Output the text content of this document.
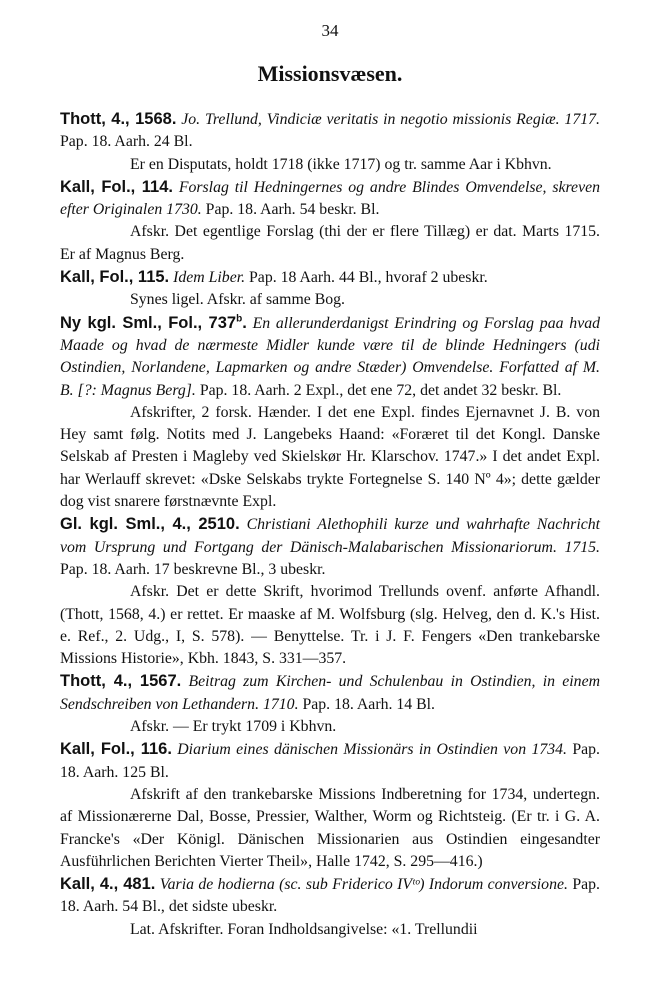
34
Missionsvæsen.

Thott, 4., 1568. Jo. Trellund, Vindiciæ veritatis in negotio missionis Regiæ. 1717. Pap. 18. Aarh. 24 Bl.

Er en Disputats, holdt 1718 (ikke 1717) og tr. samme Aar i Kbhvn.

Kall, Fol., 114. Forslag til Hedningernes og andre Blindes Omvendelse, skreven efter Originalen 1730. Pap. 18. Aarh. 54 beskr. Bl.

Afskr. Det egentlige Forslag (thi der er flere Tillæg) er dat. Marts 1715. Er af Magnus Berg.

Kall, Fol., 115. Idem Liber. Pap. 18 Aarh. 44 Bl., hvoraf 2 ubeskr.

Synes ligel. Afskr. af samme Bog.

Ny kgl. Sml., Fol., 737$^b$. En allerunderdanigst Erindring og Forslag paa hvad Maade og hvad de nærmeste Midler kunde være til de blinde Hedningers (udi Ostindien, Norlandene, Lapmarken og andre Stæder) Omvendelse. Forfatted af M. B. [?: Magnus Berg]. Pap. 18. Aarh. 2 Expl., det ene 72, det andet 32 beskr. Bl.

Afskrifter, 2 forsk. Hænder. I det ene Expl. findes Ejernavnet J. B. von Hey samt følg. Notits med J. Langebeks Haand: «Foræret til det Kongl. Danske Selskab af Presten i Magleby ved Skielskør Hr. Klarschov. 1747.» I det andet Expl. har Werlauff skrevet: «Dske Selskabs trykte Fortegnelse S. 140 Nº 4»; dette gælder dog vist snarere førstnævnte Expl.

Gl. kgl. Sml., 4., 2510. Christiani Alethophili kurze und wahrhafte Nachricht vom Ursprung und Fortgang der Dänisch-Malabarischen Missionariorum. 1715. Pap. 18. Aarh. 17 beskrevne Bl., 3 ubeskr.

Afskr. Det er dette Skrift, hvorimod Trellunds ovenf. anførte Afhandl. (Thott, 1568, 4.) er rettet. Er maaske af M. Wolfsburg (slg. Helveg, den d. K.'s Hist. e. Ref., 2. Udg., I, S. 578). — Benyttelse. Tr. i J. F. Fengers «Den trankebarske Missions Historie», Kbh. 1843, S. 331—357.

Thott, 4., 1567. Beitrag zum Kirchen- und Schulenbau in Ostindien, in einem Sendschreiben von Lethandern. 1710. Pap. 18. Aarh. 14 Bl.

Afskr. — Er trykt 1709 i Kbhvn.

Kall, Fol., 116. Diarium eines dänischen Missionärs in Ostindien von 1734. Pap. 18. Aarh. 125 Bl.

Afskrift af den trankebarske Missions Indberetning for 1734, undertegn. af Missionærerne Dal, Bosse, Pressier, Walther, Worm og Richtsteig. (Er tr. i G. A. Francke's «Der Königl. Dänischen Missionarien aus Ostindien eingesandter Ausführlichen Berichten Vierter Theil», Halle 1742, S. 295—416.)

Kall, 4., 481. Varia de hodierna (sc. sub Friderico IVᵗᵒ) Indorum conversione. Pap. 18. Aarh. 54 Bl., det sidste ubeskr.

Lat. Afskrifter. Foran Indholdsangivelse: «1. Trellundii
